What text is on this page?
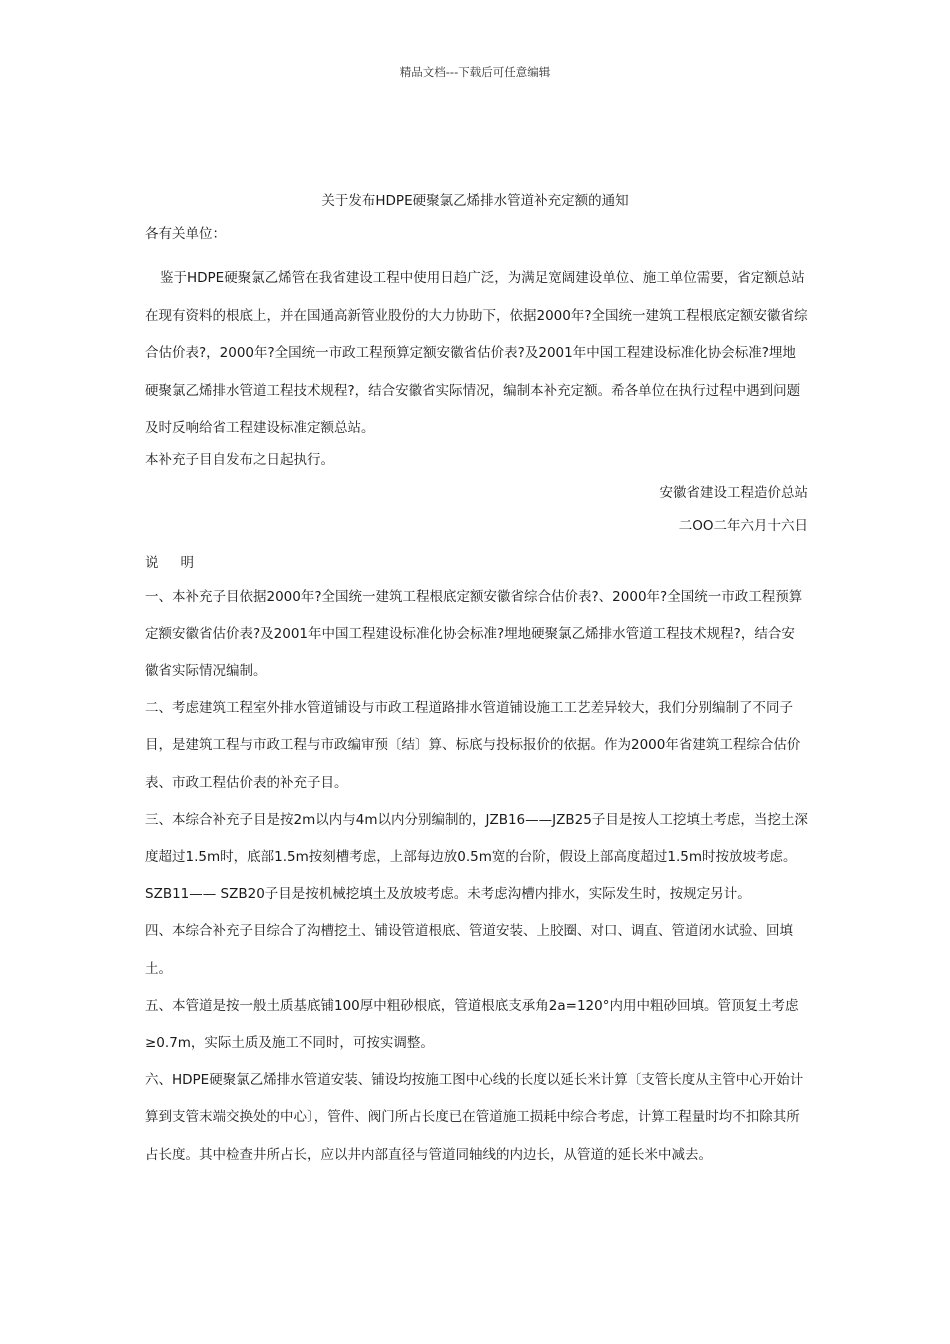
精品文档---下载后可任意编辑
关于发布HDPE硬聚氯乙烯排水管道补充定额的通知

各有关单位：

鉴于HDPE硬聚氯乙烯管在我省建设工程中使用日趋广泛，为满足宽阔建设单位、施工单位需要，省定额总站在现有资料的根底上，并在国通高新管业股份的大力协助下，依据2000年?全国统一建筑工程根底定额安徽省综合估价表?，2000年?全国统一市政工程预算定额安徽省估价表?及2001年中国工程建设标准化协会标准?埋地硬聚氯乙烯排水管道工程技术规程?，结合安徽省实际情况，编制本补充定额。希各单位在执行过程中遇到问题及时反响给省工程建设标准定额总站。

本补充子目自发布之日起执行。

安徽省建设工程造价总站

二OO二年六月十六日

说 明

一、本补充子目依据2000年?全国统一建筑工程根底定额安徽省综合估价表?、2000年?全国统一市政工程预算定额安徽省估价表?及2001年中国工程建设标准化协会标准?埋地硬聚氯乙烯排水管道工程技术规程?，结合安徽省实际情况编制。

二、考虑建筑工程室外排水管道铺设与市政工程道路排水管道铺设施工工艺差异较大，我们分别编制了不同子目，是建筑工程与市政工程与市政编审预〔结〕算、标底与投标报价的依据。作为2000年省建筑工程综合估价表、市政工程估价表的补充子目。

三、本综合补充子目是按2m以内与4m以内分别编制的，JZB16——JZB25子目是按人工挖填土考虑，当挖土深度超过1.5m时，底部1.5m按刻槽考虑，上部每边放0.5m宽的台阶，假设上部高度超过1.5m时按放坡考虑。SZB11—— SZB20子目是按机械挖填土及放坡考虑。未考虑沟槽内排水，实际发生时，按规定另计。

四、本综合补充子目综合了沟槽挖土、铺设管道根底、管道安装、上胶圈、对口、调直、管道闭水试验、回填土。

五、本管道是按一般土质基底铺100厚中粗砂根底，管道根底支承角2a=120°内用中粗砂回填。管顶复土考虑≥0.7m，实际土质及施工不同时，可按实调整。

六、HDPE硬聚氯乙烯排水管道安装、铺设均按施工图中心线的长度以延长米计算〔支管长度从主管中心开始计算到支管末端交换处的中心〕，管件、阀门所占长度已在管道施工损耗中综合考虑，计算工程量时均不扣除其所占长度。其中检查井所占长，应以井内部直径与管道同轴线的内边长，从管道的延长米中减去。
